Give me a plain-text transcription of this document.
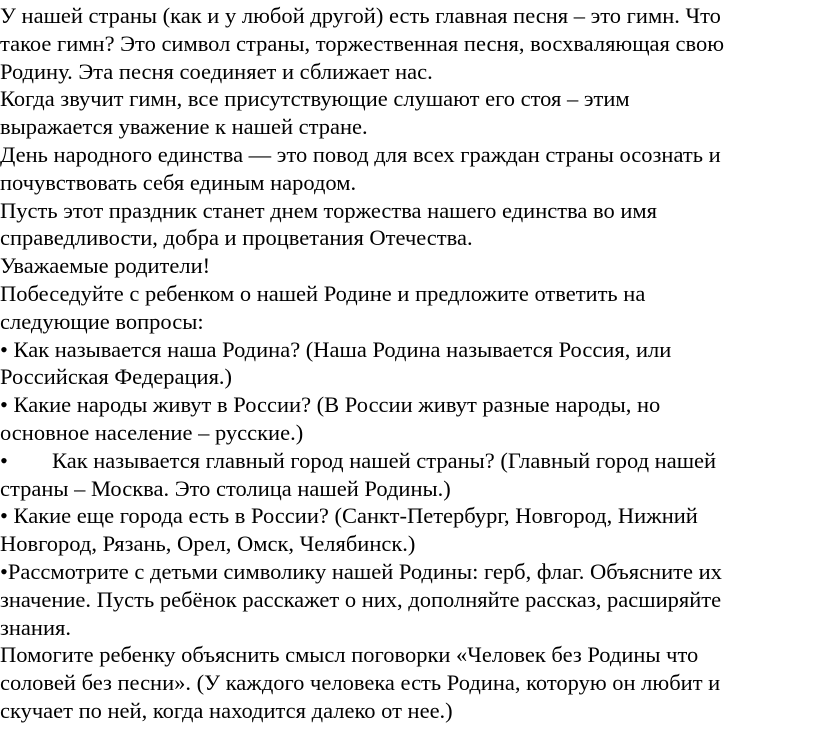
У нашей страны (как и у любой другой) есть главная песня – это гимн. Что
такое гимн? Это символ страны, торжественная песня, восхваляющая свою
Родину. Эта песня соединяет и сближает нас.

Когда звучит гимн, все присутствующие слушают его стоя – этим
выражается уважение к нашей стране.

День народного единства — это повод для всех граждан страны осознать и
почувствовать себя единым народом.

Пусть этот праздник станет днем торжества нашего единства во имя
справедливости, добра и процветания Отечества.

Уважаемые родители!

Побеседуйте с ребенком о нашей Родине и предложите ответить на
следующие вопросы:

• Как называется наша Родина? (Наша Родина называется Россия, или
Российская Федерация.)

• Какие народы живут в России? (В России живут разные народы, но
основное население – русские.)

• Как называется главный город нашей страны? (Главный город нашей
страны – Москва. Это столица нашей Родины.)

• Какие еще города есть в России? (Санкт-Петербург, Новгород, Нижний
Новгород, Рязань, Орел, Омск, Челябинск.)

•Рассмотрите с детьми символику нашей Родины: герб, флаг. Объясните их
значение. Пусть ребёнок расскажет о них, дополняйте рассказ, расширяйте
знания.

Помогите ребенку объяснить смысл поговорки «Человек без Родины что
соловей без песни». (У каждого человека есть Родина, которую он любит и
скучает по ней, когда находится далеко от нее.)
